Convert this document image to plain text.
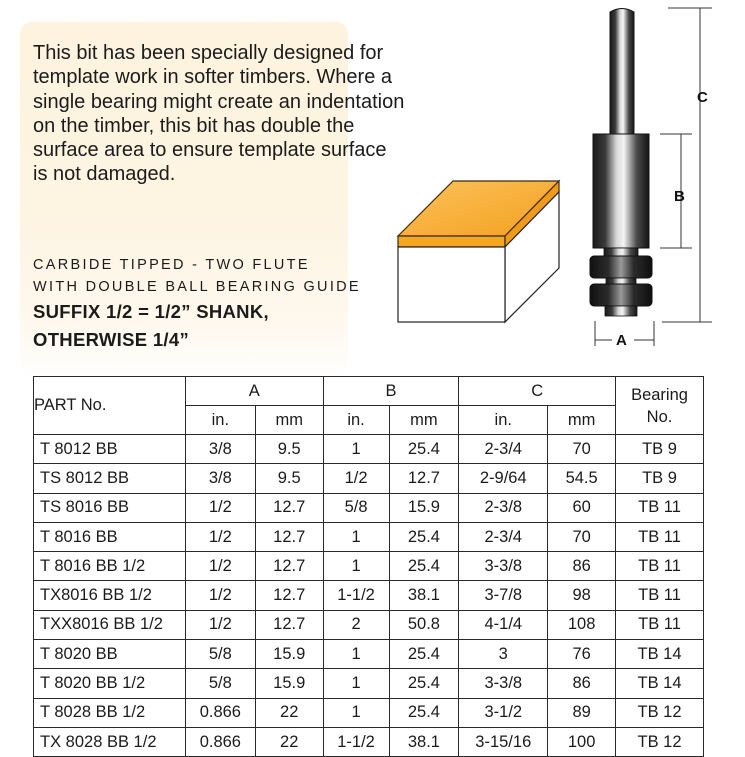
This bit has been specially designed for
template work in softer timbers. Where a
single bearing might create an indentation
on the timber, this bit has double the
surface area to ensure template surface
is not damaged.

CARBIDE TIPPED - TWO FLUTE
WITH DOUBLE BALL BEARING GUIDE
SUFFIX 1/2 = 1/2” SHANK,
OTHERWISE 1/4”
C
B
A
PART No.	A		B		C		Bearing
No.

	in.	mm	in.	mm	in.	mm	
T 8012 BB	3/8	9.5	1	25.4	2-3/4	70	TB 9
TS 8012 BB	3/8	9.5	1/2	12.7	2-9/64	54.5	TB 9
TS 8016 BB	1/2	12.7	5/8	15.9	2-3/8	60	TB 11
T 8016 BB	1/2	12.7	1	25.4	2-3/4	70	TB 11
T 8016 BB 1/2	1/2	12.7	1	25.4	3-3/8	86	TB 11
TX8016 BB 1/2	1/2	12.7	1-1/2	38.1	3-7/8	98	TB 11
TXX8016 BB 1/2	1/2	12.7	2	50.8	4-1/4	108	TB 11
T 8020 BB	5/8	15.9	1	25.4	3	76	TB 14
T 8020 BB 1/2	5/8	15.9	1	25.4	3-3/8	86	TB 14
T 8028 BB 1/2	0.866	22	1	25.4	3-1/2	89	TB 12
TX 8028 BB 1/2	0.866	22	1-1/2	38.1	3-15/16	100	TB 12
